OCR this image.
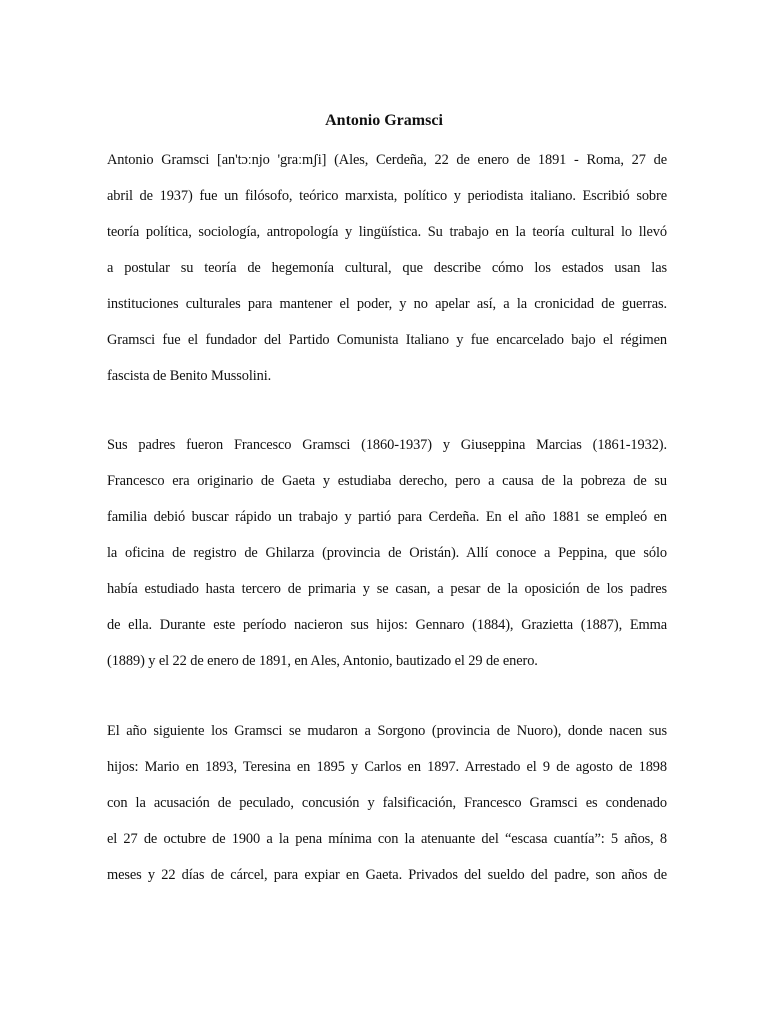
Antonio Gramsci
Antonio Gramsci [an'tɔːnjo 'graːmʃi] (Ales, Cerdeña, 22 de enero de 1891 - Roma, 27 de
abril de 1937) fue un filósofo, teórico marxista, político y periodista italiano. Escribió sobre
teoría política, sociología, antropología y lingüística. Su trabajo en la teoría cultural lo llevó
a postular su teoría de hegemonía cultural, que describe cómo los estados usan las
instituciones culturales para mantener el poder, y no apelar así, a la cronicidad de guerras.
Gramsci fue el fundador del Partido Comunista Italiano y fue encarcelado bajo el régimen
fascista de Benito Mussolini.
Sus padres fueron Francesco Gramsci (1860-1937) y Giuseppina Marcias (1861-1932).
Francesco era originario de Gaeta y estudiaba derecho, pero a causa de la pobreza de su
familia debió buscar rápido un trabajo y partió para Cerdeña. En el año 1881 se empleó en
la oficina de registro de Ghilarza (provincia de Oristán). Allí conoce a Peppina, que sólo
había estudiado hasta tercero de primaria y se casan, a pesar de la oposición de los padres
de ella. Durante este período nacieron sus hijos: Gennaro (1884), Grazietta (1887), Emma
(1889) y el 22 de enero de 1891, en Ales, Antonio, bautizado el 29 de enero.
El año siguiente los Gramsci se mudaron a Sorgono (provincia de Nuoro), donde nacen sus
hijos: Mario en 1893, Teresina en 1895 y Carlos en 1897. Arrestado el 9 de agosto de 1898
con la acusación de peculado, concusión y falsificación, Francesco Gramsci es condenado
el 27 de octubre de 1900 a la pena mínima con la atenuante del “escasa cuantía”: 5 años, 8
meses y 22 días de cárcel, para expiar en Gaeta. Privados del sueldo del padre, son años de
